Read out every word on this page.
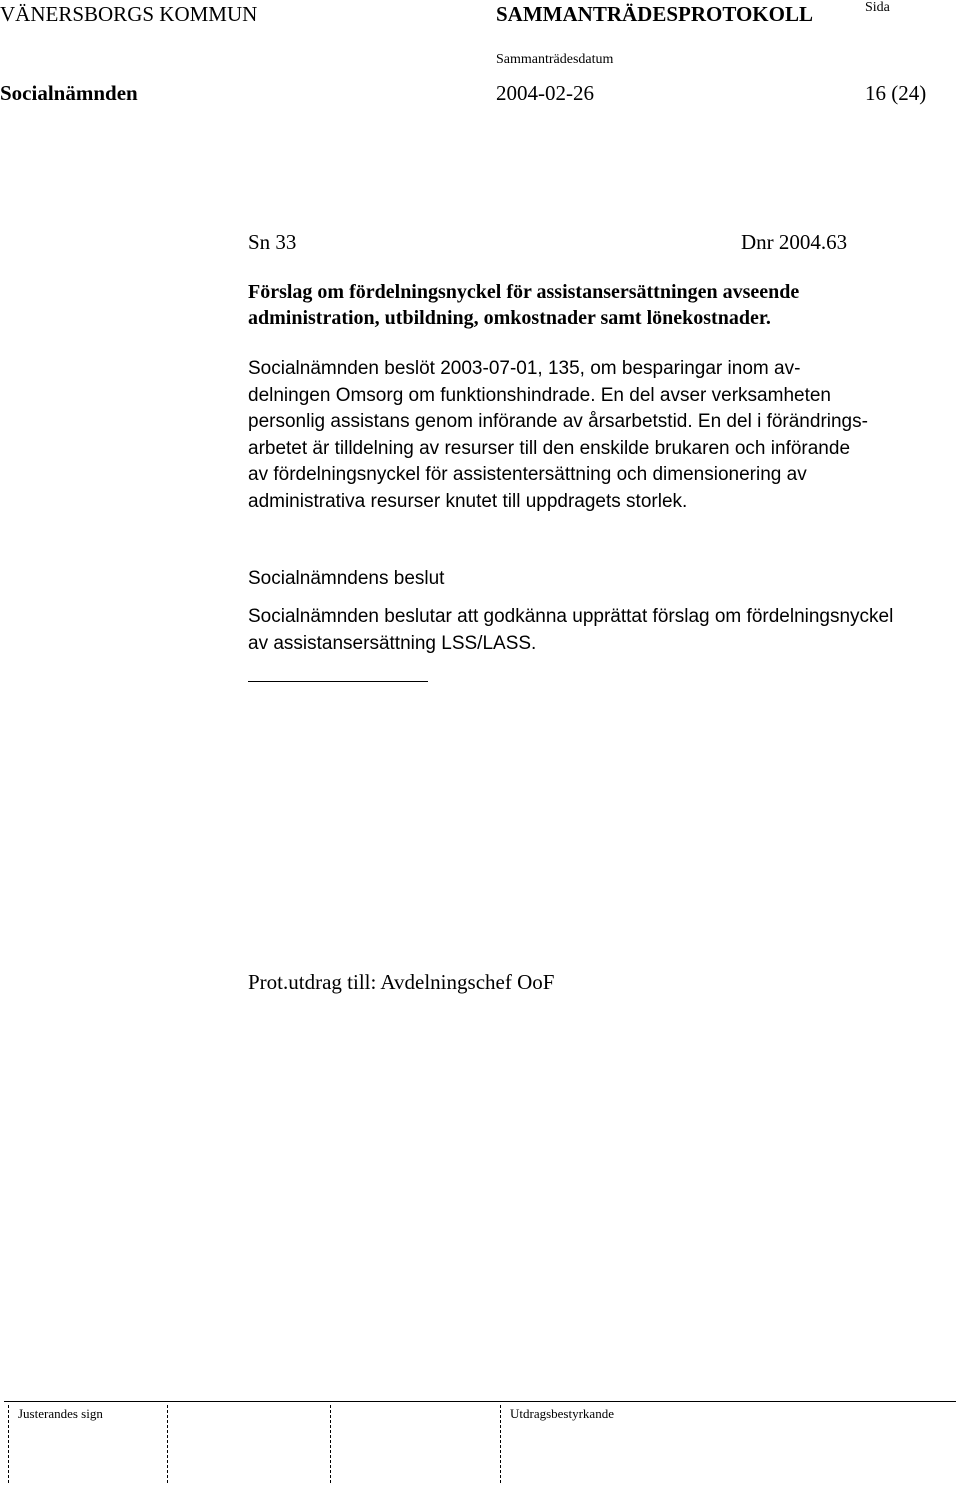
VÄNERSBORGS KOMMUN	SAMMANTRÄDESPROTOKOLL	Sida
Sammanträdesdatum
Socialnämnden	2004-02-26	16 (24)
Sn 33	Dnr 2004.63
Förslag om fördelningsnyckel för assistansersättningen avseende administration, utbildning, omkostnader samt lönekostnader.
Socialnämnden beslöt 2003-07-01, 135, om besparingar inom av-
delningen Omsorg om funktionshindrade. En del avser verksamheten
personlig assistans genom införande av årsarbetstid. En del i förändrings-
arbetet är tilldelning av resurser till den enskilde brukaren och införande
av fördelningsnyckel för assistentersättning och dimensionering av
administrativa resurser knutet till uppdragets storlek.
Socialnämndens beslut
Socialnämnden beslutar att godkänna upprättat förslag om fördelningsnyckel
av assistansersättning LSS/LASS.
Prot.utdrag till: Avdelningschef OoF
Justerandes sign	Utdragsbestyrkande
